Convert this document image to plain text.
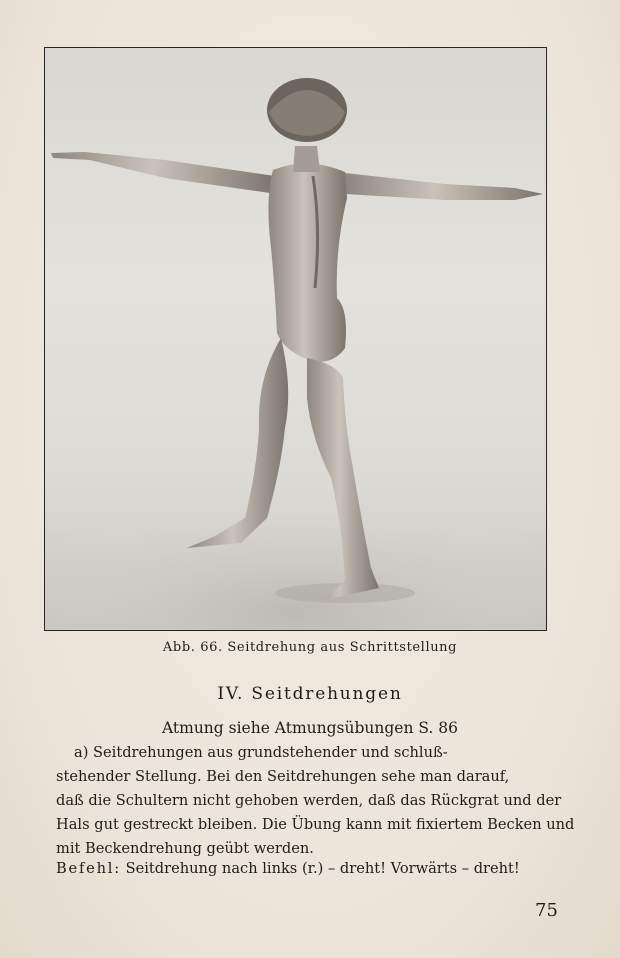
Abb. 66. Seitdrehung aus Schrittstellung
IV. Seitdrehungen
Atmung siehe Atmungsübungen S. 86
a) Seitdrehungen aus grundstehender und schluß-
stehender Stellung. Bei den Seitdrehungen sehe man darauf,
daß die Schultern nicht gehoben werden, daß das Rückgrat und der
Hals gut gestreckt bleiben. Die Übung kann mit fixiertem Becken und
mit Beckendrehung geübt werden.
Befehl: Seitdrehung nach links (r.) – dreht! Vorwärts – dreht!
75
